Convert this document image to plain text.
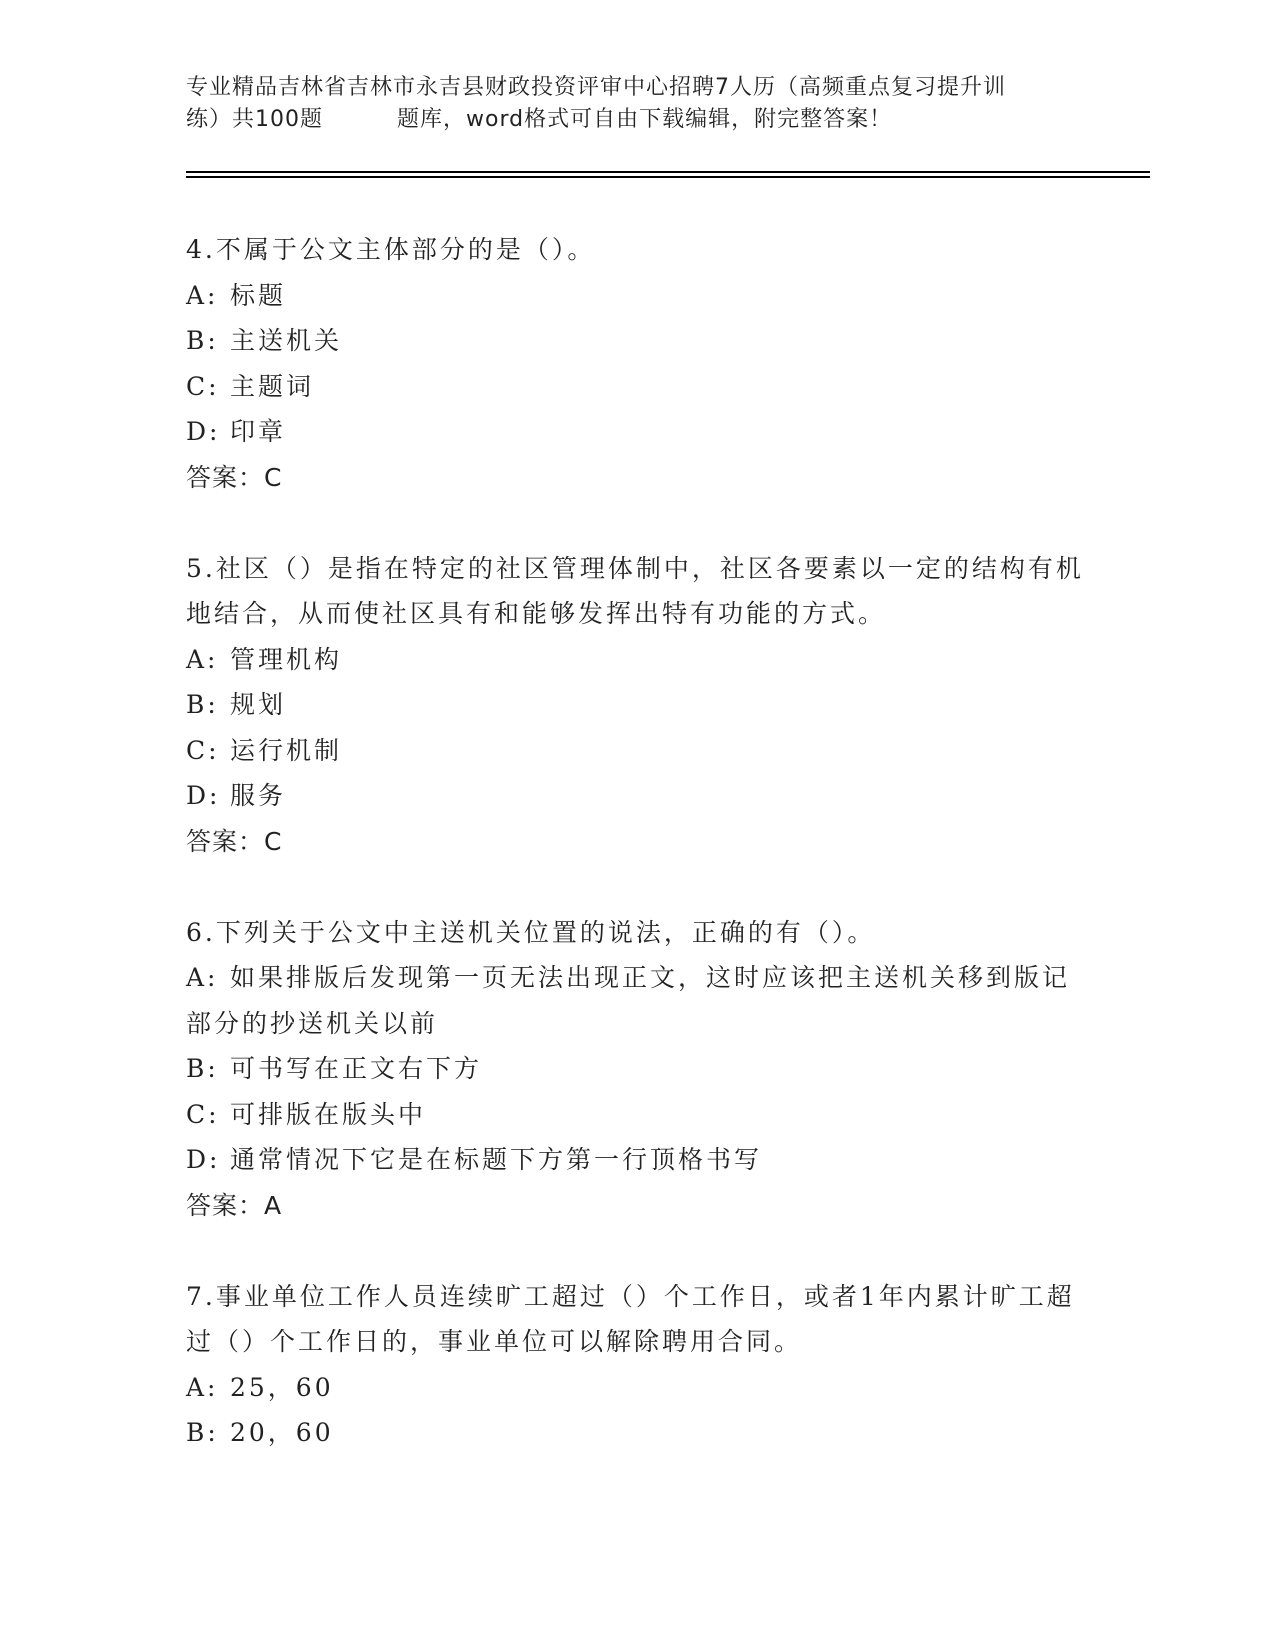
专业精品吉林省吉林市永吉县财政投资评审中心招聘7人历（高频重点复习提升训
练）共100题	题库，word格式可自由下载编辑，附完整答案！
4.不属于公文主体部分的是（）。
A: 标题
B: 主送机关
C: 主题词
D: 印章
答案：C
5.社区（）是指在特定的社区管理体制中，社区各要素以一定的结构有机地结合，从而使社区具有和能够发挥出特有功能的方式。
A: 管理机构
B: 规划
C: 运行机制
D: 服务
答案：C
6.下列关于公文中主送机关位置的说法，正确的有（）。
A: 如果排版后发现第一页无法出现正文，这时应该把主送机关移到版记部分的抄送机关以前
B: 可书写在正文右下方
C: 可排版在版头中
D: 通常情况下它是在标题下方第一行顶格书写
答案：A
7.事业单位工作人员连续旷工超过（）个工作日，或者1年内累计旷工超过（）个工作日的，事业单位可以解除聘用合同。
A: 25，60
B: 20，60
